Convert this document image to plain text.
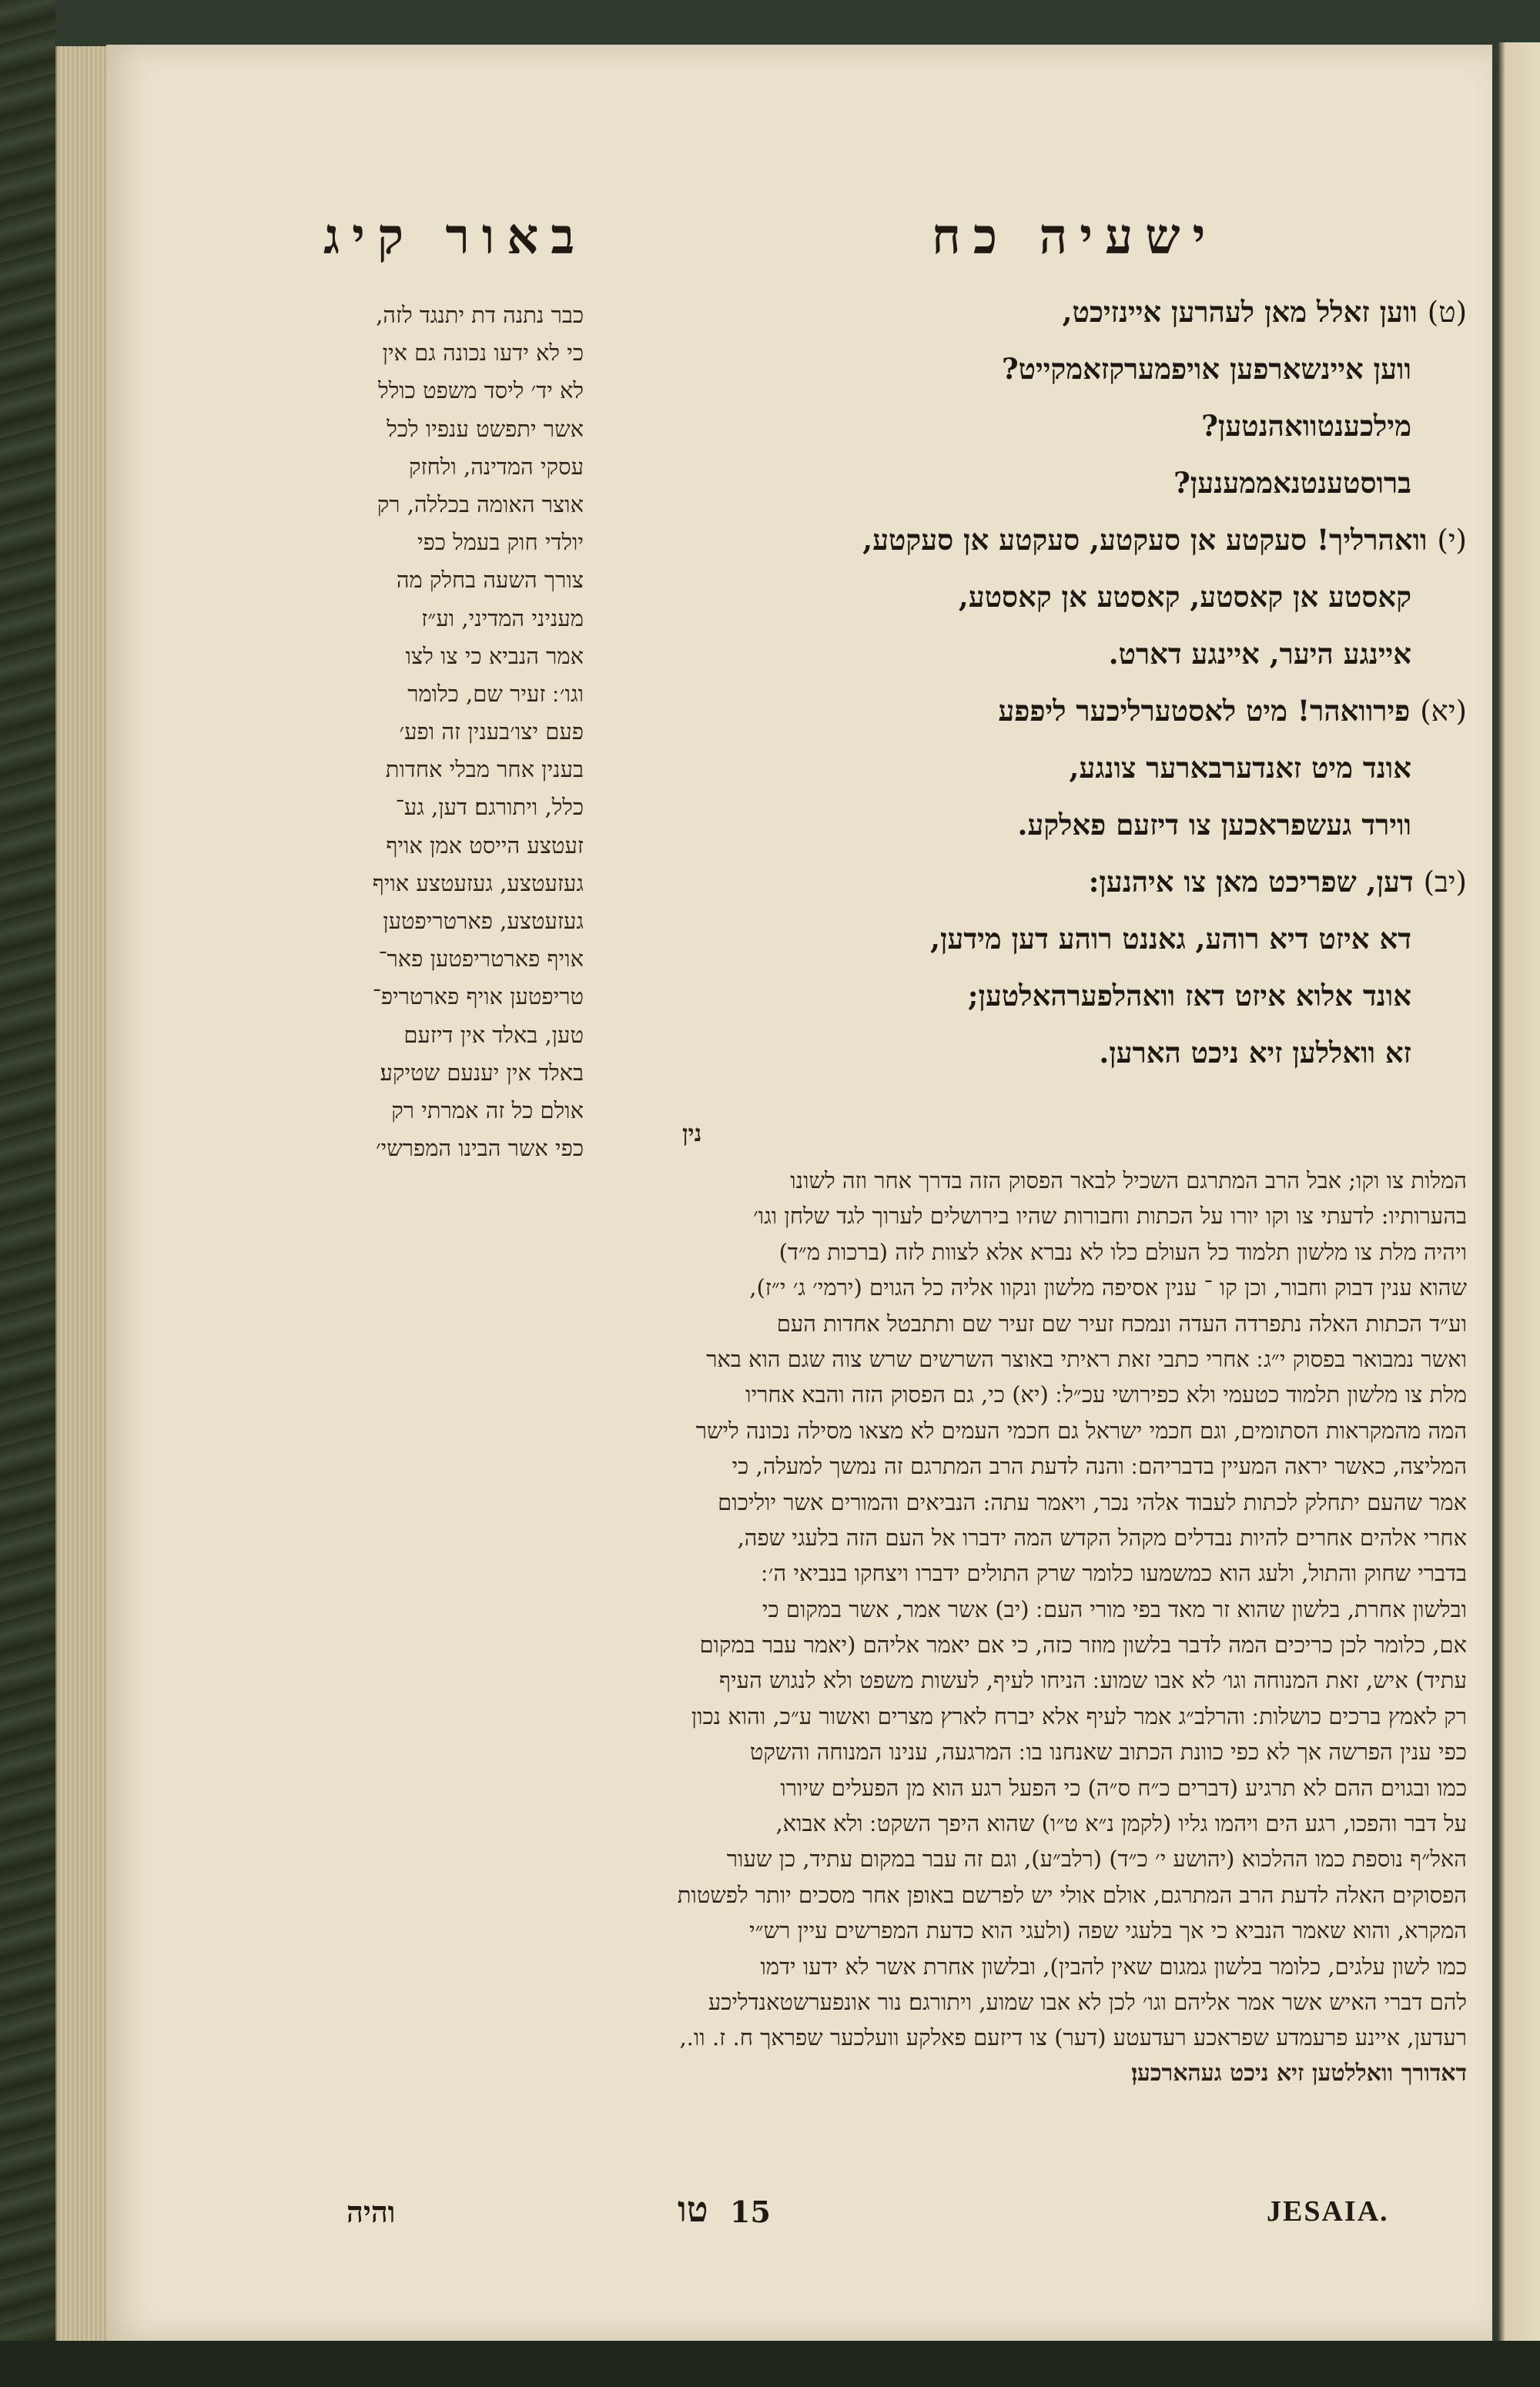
באור קיג	ישעיה כח
כבר נתנה דת יתנגד לזה,
כי לא ידעו נכונה גם אין
לא יד׳ ליסד משפט כולל
אשר יתפשט ענפיו לכל
עסקי המדינה, ולחזק
אוצר האומה בכללה, רק
יולדי חוק בעמל כפי
צורך השעה בחלק מה
מעניני המדיני, וע״ז
אמר הנביא כי צו לצו
וגו׳ ׃ זעיר שם, כלומר
פעם יצו׳בענין זה ופע׳
בענין אחר מבלי אחדות
כלל, ויתורגם׃ דען, גע־
זעטצע הייסט אמן אויף
געזעטצע, געזעטצע אויף
געזעטצע, פארטריפטען
אויף פארטריפטען פאר־
טריפטען אויף פארטריפ־
טען, באלד אין דיזעם
באלד אין יענעם שטיקע׃
אולם כל זה אמרתי רק
כפי אשר הבינו המפרשי׳
(ט) ווען זאלל מאן לעהרען איינזיכט,
ווען איינשארפען אויפמערקזאמקייט?
מילכענטוואהנטען?
ברוסטענטנאממענען?
(י) וואהרליך! סעקטע אן סעקטע, סעקטע אן סעקטע,
קאסטע אן קאסטע, קאסטע אן קאסטע,
איינגע היער, איינגע דארט.
(יא) פירוואהר! מיט לאסטערליכער ליפפע
אונד מיט זאנדערבארער צונגע,
ווירד געשפראכען צו דיזעם פאלקע.
(יב) דען, שפריכט מאן צו איהנען:
דא איזט דיא רוהע, גאננט רוהע דען מידען,
אונד אלוא איזט דאז וואהלפערהאלטען;
זא וואללען זיא ניכט הארען.
נין
המלות צו וקו; אבל הרב המתרגם השכיל לבאר הפסוק הזה בדרך אחר וזה לשונו
בהערותיו: לדעתי צו וקו יורו על הכתות וחבורות שהיו בירושלים לערוך לגד שלחן וגו׳
ויהיה מלת צו מלשון תלמוד כל העולם כלו לא נברא אלא לצוות לזה (ברכות מ״ד)
שהוא ענין דבוק וחבור, וכן קו ־ ענין אסיפה מלשון ונקוו אליה כל הגוים (ירמי׳ ג׳ י״ז),
וע״ד הכתות האלה נתפרדה העדה ונמכח זעיר שם זעיר שם ותתבטל אחדות העם
ואשר נמבואר בפסוק י״ג ׃ אחרי כתבי זאת ראיתי באוצר השרשים שרש צוה שגם הוא באר
מלת צו מלשון תלמוד כטעמי ולא כפירושי עכ״ל ׃ (יא) כי, גם הפסוק הזה והבא אחריו
המה מהמקראות הסתומים, וגם חכמי ישראל גם חכמי העמים לא מצאו מסילה נכונה לישר
המליצה, כאשר יראה המעיין בדבריהם ׃ והנה לדעת הרב המתרגם זה נמשך למעלה, כי
אמר שהעם יתחלק לכתות לעבוד אלהי נכר, ויאמר עתה: הנביאים והמורים אשר יוליכום
אחרי אלהים אחרים להיות נבדלים מקהל הקדש המה ידברו אל העם הזה בלעגי שפה,
בדברי שחוק והתול, ולעג הוא כמשמעו כלומר שרק התולים ידברו ויצחקו בנביאי ה׳ ׃
ובלשון אחרת, בלשון שהוא זר מאד בפי מורי העם ׃ (יב) אשר אמר, אשר במקום כי
אם, כלומר לכן כריכים המה לדבר בלשון מוזר כזה, כי אם יאמר אליהם (יאמר עבר במקום
עתיד) איש, זאת המנוחה וגו׳ לא אבו שמוע ׃ הניחו לעיף, לעשות משפט ולא לנגוש העיף
רק לאמץ ברכים כושלות ׃ והרלב״ג אמר לעיף אלא יברח לארץ מצרים ואשור ע״כ, והוא נכון
כפי ענין הפרשה אך לא כפי כוונת הכתוב שאנחנו בו ׃ המרגעה, ענינו המנוחה והשקט
כמו ובגוים ההם לא תרגיע (דברים כ״ח ס״ה) כי הפעל רגע הוא מן הפעלים שיורו
על דבר והפכו, רגע הים ויהמו גליו (לקמן נ״א ט״ו) שהוא היפך השקט ׃ ולא אבוא,
האל״ף נוספת כמו ההלכוא (יהושע י׳ כ״ד) (רלב״ע), וגם זה עבר במקום עתיד, כן שעור
הפסוקים האלה לדעת הרב המתרגם, אולם אולי יש לפרשם באופן אחר מסכים יותר לפשטות
המקרא, והוא שאמר הנביא כי אך בלעגי שפה (ולעגי הוא כדעת המפרשים עיין רש״י
כמו לשון עלגים, כלומר בלשון גמגום שאין להבין), ובלשון אחרת אשר לא ידעו ידמו
להם דברי האיש אשר אמר אליהם וגו׳ לכן לא אבו שמוע, ויתורגם׃ נור אונפערשטאנדליכע
רעדען, איינע פרעמדע שפראכע רעדעטע (דער) צו דיזעם פאלקע וועלכער שפראך ח. ז. וו.,
דאדורך וואללטען זיא ניכט געהארכען׃
והיה	טו 15	JESAIA.
